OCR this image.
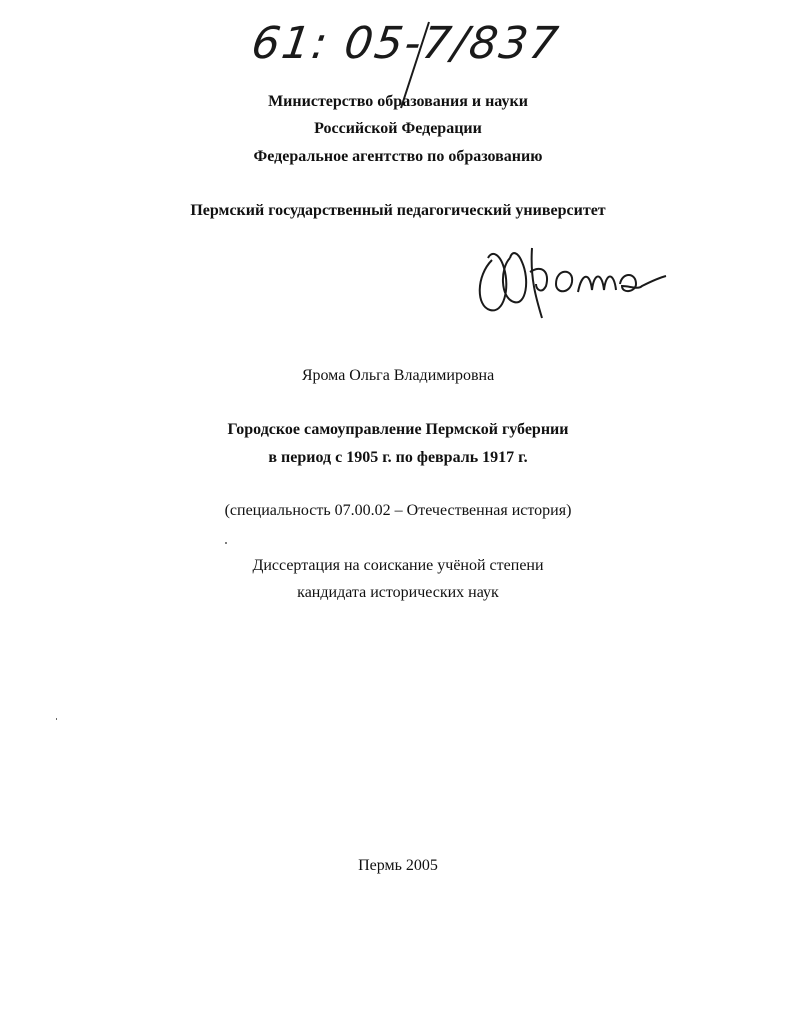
61: 05-7/837
Министерство образования и науки
Российской Федерации
Федеральное агентство по образованию
Пермский государственный педагогический университет
Ярома
Ярома Ольга Владимировна
Городское самоуправление Пермской губернии
в период с 1905 г. по февраль 1917 г.
(специальность 07.00.02 – Отечественная история)
Диссертация на соискание учёной степени
кандидата исторических наук
Пермь 2005
